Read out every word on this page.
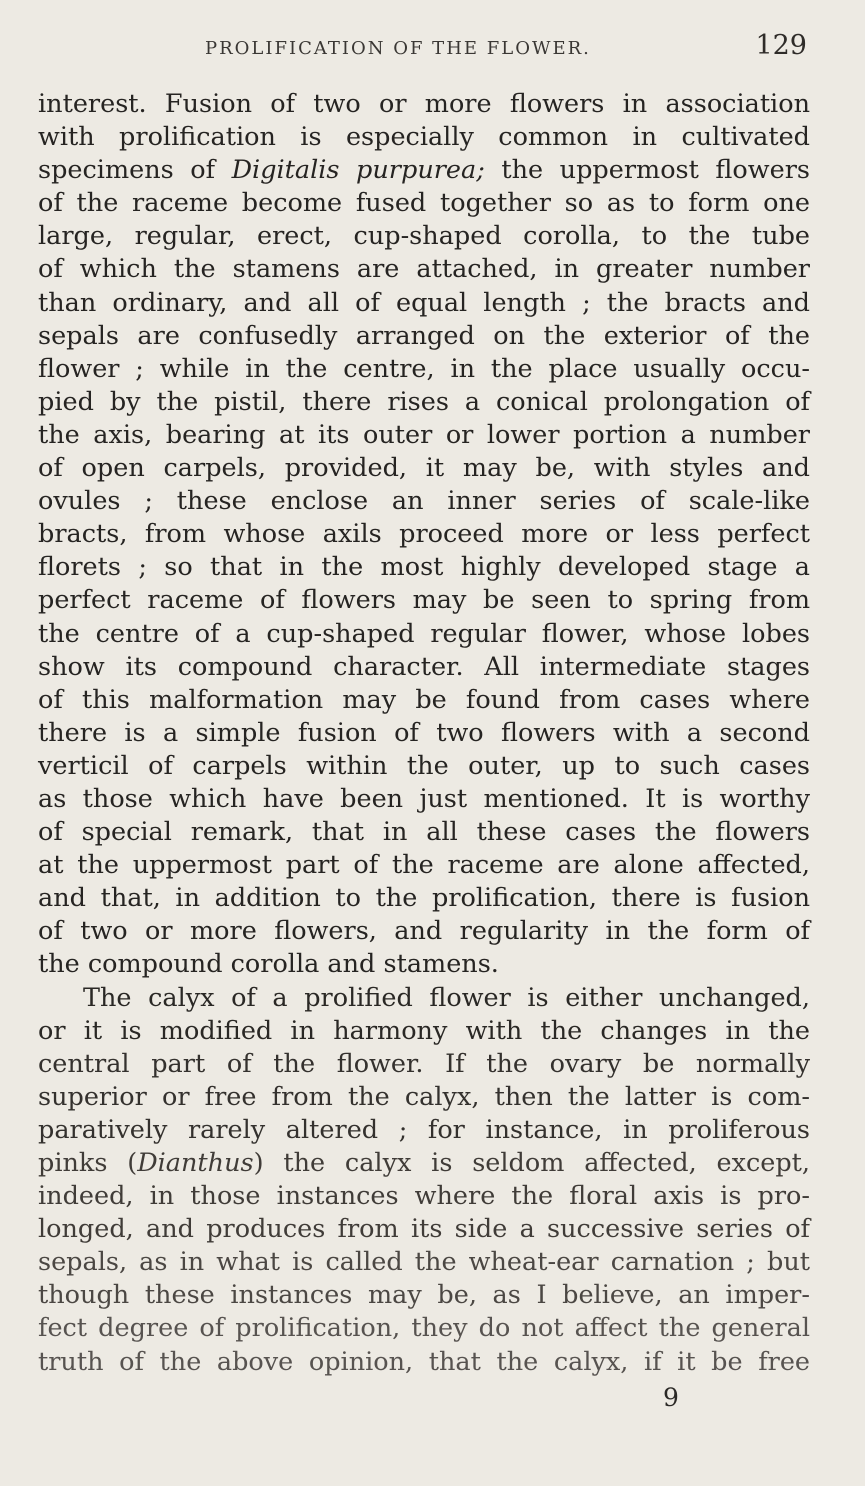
PROLIFICATION OF THE FLOWER.	129
interest. Fusion of two or more flowers in association
with prolification is especially common in cultivated
specimens of Digitalis purpurea; the uppermost flowers
of the raceme become fused together so as to form one
large, regular, erect, cup-shaped corolla, to the tube
of which the stamens are attached, in greater number
than ordinary, and all of equal length ; the bracts and
sepals are confusedly arranged on the exterior of the
flower ; while in the centre, in the place usually occu-
pied by the pistil, there rises a conical prolongation of
the axis, bearing at its outer or lower portion a number
of open carpels, provided, it may be, with styles and
ovules ; these enclose an inner series of scale-like
bracts, from whose axils proceed more or less perfect
florets ; so that in the most highly developed stage a
perfect raceme of flowers may be seen to spring from
the centre of a cup-shaped regular flower, whose lobes
show its compound character. All intermediate stages
of this malformation may be found from cases where
there is a simple fusion of two flowers with a second
verticil of carpels within the outer, up to such cases
as those which have been just mentioned. It is worthy
of special remark, that in all these cases the flowers
at the uppermost part of the raceme are alone affected,
and that, in addition to the prolification, there is fusion
of two or more flowers, and regularity in the form of
the compound corolla and stamens.
The calyx of a prolified flower is either unchanged,
or it is modified in harmony with the changes in the
central part of the flower. If the ovary be normally
superior or free from the calyx, then the latter is com-
paratively rarely altered ; for instance, in proliferous
pinks (Dianthus) the calyx is seldom affected, except,
indeed, in those instances where the floral axis is pro-
longed, and produces from its side a successive series of
sepals, as in what is called the wheat-ear carnation ; but
though these instances may be, as I believe, an imper-
fect degree of prolification, they do not affect the general
truth of the above opinion, that the calyx, if it be free
9
